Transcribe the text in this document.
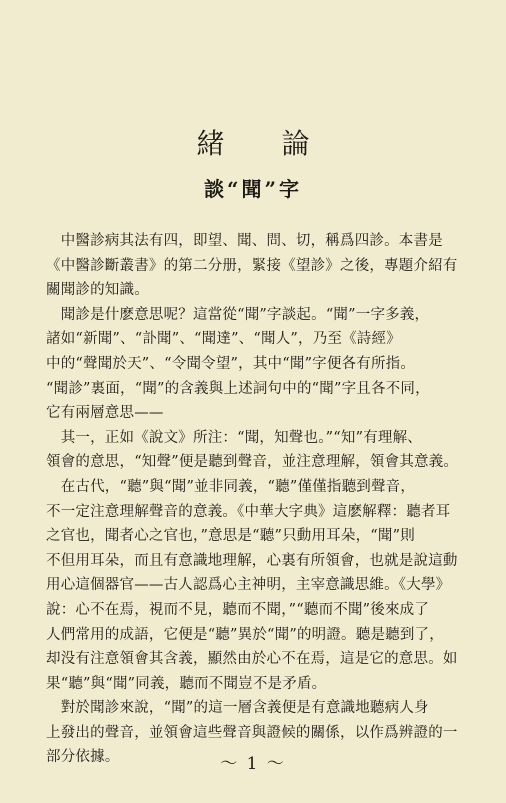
緒 論
談“聞”字
　中醫診病其法有四，即望、聞、問、切，稱爲四診。本書是
《中醫診斷叢書》的第二分册，緊接《望診》之後，專題介紹有
關聞診的知識。
　聞診是什麽意思呢？這當從“聞”字談起。“聞”一字多義，
諸如“新聞”、“訃聞”、“聞達”、“聞人”，乃至《詩經》
中的“聲聞於天”、“令聞令望”，其中“聞”字便各有所指。
“聞診”裏面，“聞”的含義與上述詞句中的“聞”字且各不同，
它有兩層意思——
　其一，正如《說文》所注：“聞，知聲也。”“知”有理解、
領會的意思，“知聲”便是聽到聲音，並注意理解，領會其意義。
　在古代，“聽”與“聞”並非同義，“聽”僅僅指聽到聲音，
不一定注意理解聲音的意義。《中華大字典》這麽解釋：聽者耳
之官也，聞者心之官也，”意思是“聽”只動用耳朵，“聞”則
不但用耳朵，而且有意識地理解，心裏有所領會，也就是說這動
用心這個器官——古人認爲心主神明，主宰意識思維。《大學》
說：心不在焉，視而不見，聽而不聞，”“聽而不聞”後來成了
人們常用的成語，它便是“聽”異於“聞”的明證。聽是聽到了，
却没有注意領會其含義，顯然由於心不在焉，這是它的意思。如
果“聽”與“聞”同義，聽而不聞豈不是矛盾。
　對於聞診來說，“聞”的這一層含義便是有意識地聽病人身
上發出的聲音，並領會這些聲音與證候的關係，以作爲辨證的一
部分依據。	～ 1 ～
